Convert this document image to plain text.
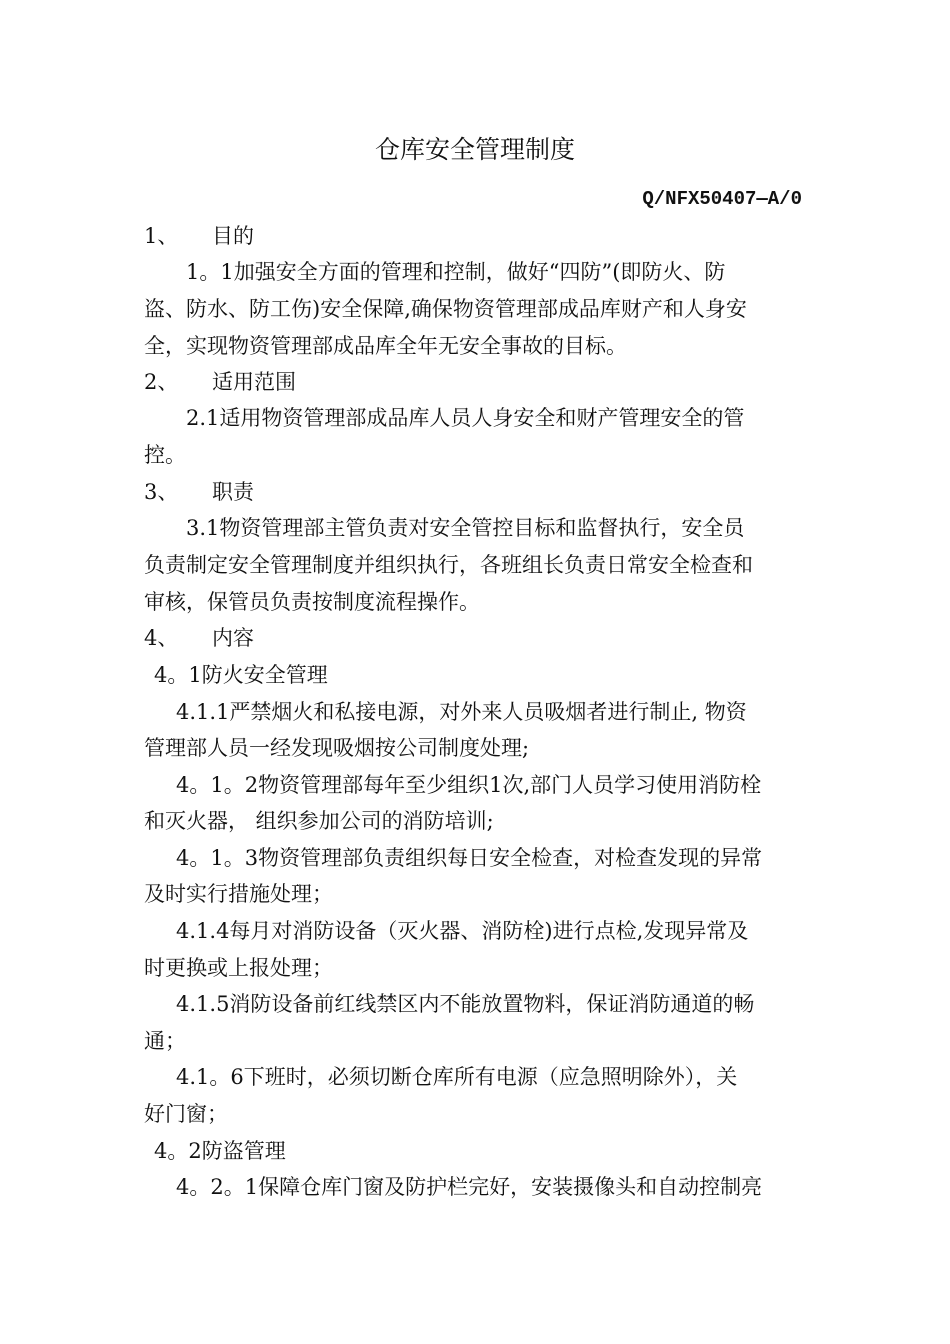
仓库安全管理制度
Q/NFX50407—A/0
1、 目的
1。1加强安全方面的管理和控制，做好“四防”(即防火、防
盗、防水、防工伤)安全保障,确保物资管理部成品库财产和人身安
全，实现物资管理部成品库全年无安全事故的目标。
2、 适用范围
2.1适用物资管理部成品库人员人身安全和财产管理安全的管
控。
3、 职责
3.1物资管理部主管负责对安全管控目标和监督执行，安全员
负责制定安全管理制度并组织执行，各班组长负责日常安全检查和
审核，保管员负责按制度流程操作。
4、 内容
4。1防火安全管理
4.1.1严禁烟火和私接电源，对外来人员吸烟者进行制止, 物资
管理部人员一经发现吸烟按公司制度处理;
4。1。2物资管理部每年至少组织1次,部门人员学习使用消防栓
和灭火器， 组织参加公司的消防培训;
4。1。3物资管理部负责组织每日安全检查，对检查发现的异常
及时实行措施处理；
4.1.4每月对消防设备（灭火器、消防栓)进行点检,发现异常及
时更换或上报处理；
4.1.5消防设备前红线禁区内不能放置物料，保证消防通道的畅
通；
4.1。6下班时，必须切断仓库所有电源（应急照明除外），关
好门窗；
4。2防盗管理
4。2。1保障仓库门窗及防护栏完好，安装摄像头和自动控制亮
